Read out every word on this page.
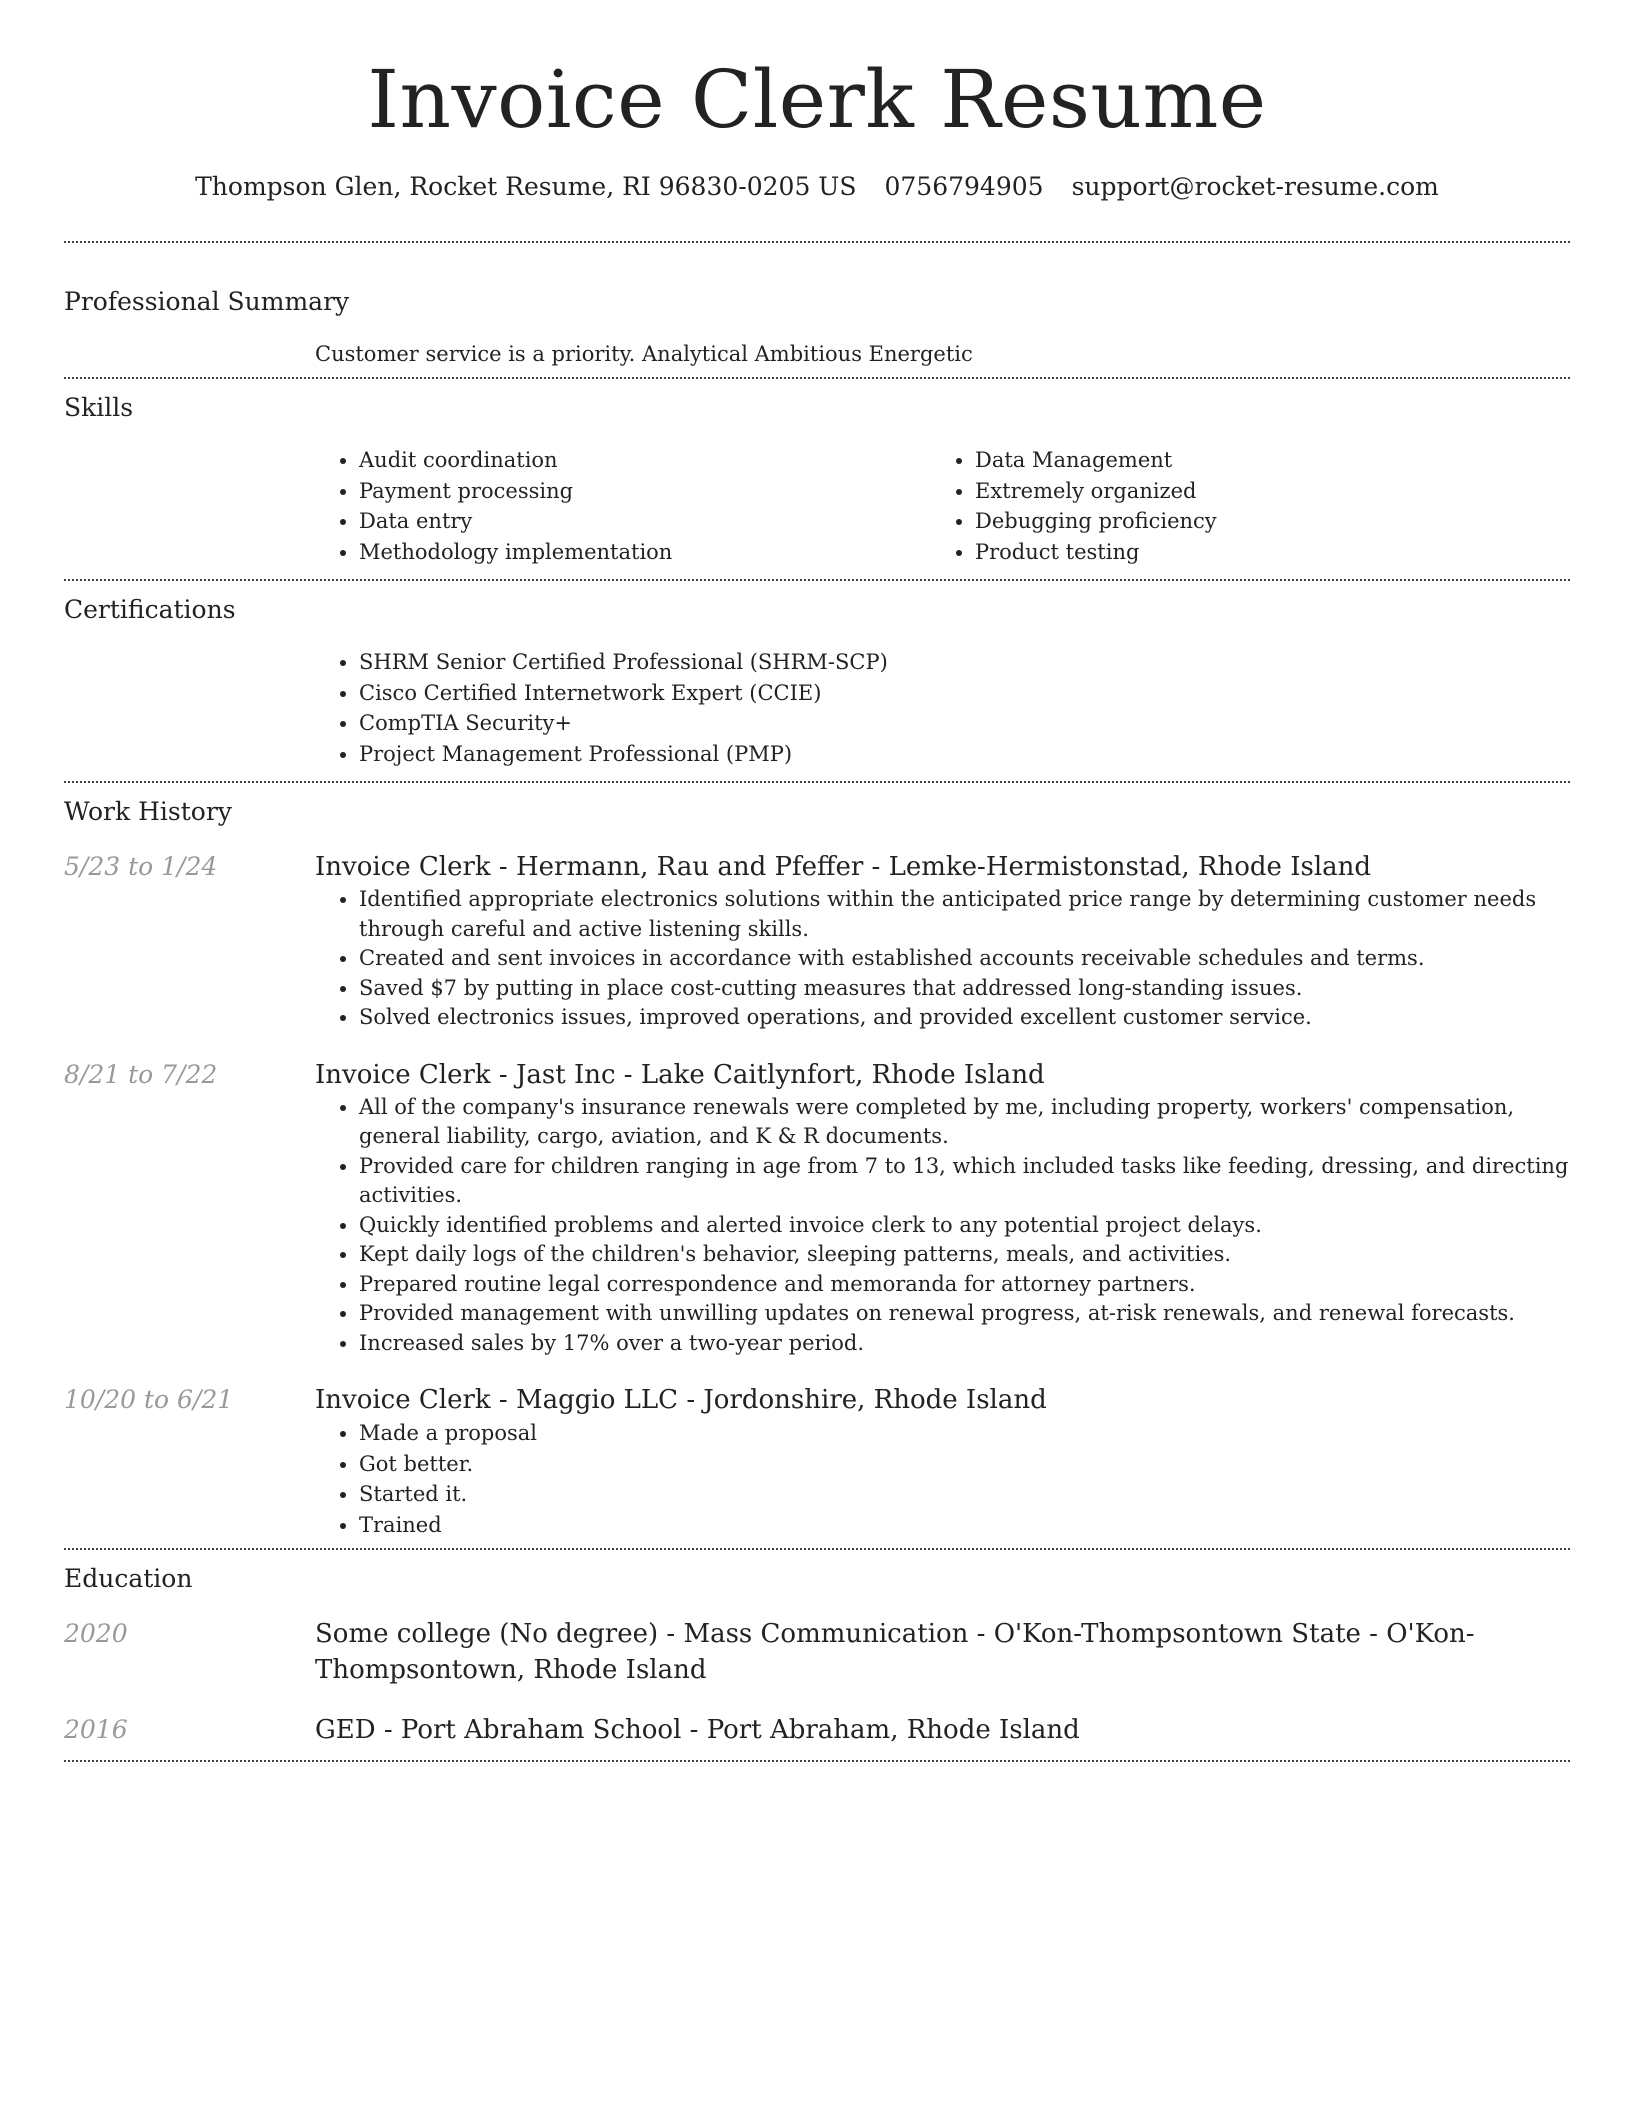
Invoice Clerk Resume
Thompson Glen, Rocket Resume, RI 96830-0205 US 0756794905 support@rocket-resume.com
Professional Summary
Customer service is a priority. Analytical Ambitious Energetic
Skills
• Audit coordination
• Payment processing
• Data entry
• Methodology implementation
• Data Management
• Extremely organized
• Debugging proficiency
• Product testing
Certifications
• SHRM Senior Certified Professional (SHRM-SCP)
• Cisco Certified Internetwork Expert (CCIE)
• CompTIA Security+
• Project Management Professional (PMP)
Work History
5/23 to 1/24	Invoice Clerk - Hermann, Rau and Pfeffer - Lemke-Hermistonstad, Rhode Island
• Identified appropriate electronics solutions within the anticipated price range by determining customer needs through careful and active listening skills.
• Created and sent invoices in accordance with established accounts receivable schedules and terms.
• Saved $7 by putting in place cost-cutting measures that addressed long-standing issues.
• Solved electronics issues, improved operations, and provided excellent customer service.
8/21 to 7/22	Invoice Clerk - Jast Inc - Lake Caitlynfort, Rhode Island
• All of the company's insurance renewals were completed by me, including property, workers' compensation, general liability, cargo, aviation, and K & R documents.
• Provided care for children ranging in age from 7 to 13, which included tasks like feeding, dressing, and directing activities.
• Quickly identified problems and alerted invoice clerk to any potential project delays.
• Kept daily logs of the children's behavior, sleeping patterns, meals, and activities.
• Prepared routine legal correspondence and memoranda for attorney partners.
• Provided management with unwilling updates on renewal progress, at-risk renewals, and renewal forecasts.
• Increased sales by 17% over a two-year period.
10/20 to 6/21	Invoice Clerk - Maggio LLC - Jordonshire, Rhode Island
• Made a proposal
• Got better.
• Started it.
• Trained
Education
2020	Some college (No degree) - Mass Communication - O'Kon-Thompsontown State - O'Kon-Thompsontown, Rhode Island
2016	GED - Port Abraham School - Port Abraham, Rhode Island
